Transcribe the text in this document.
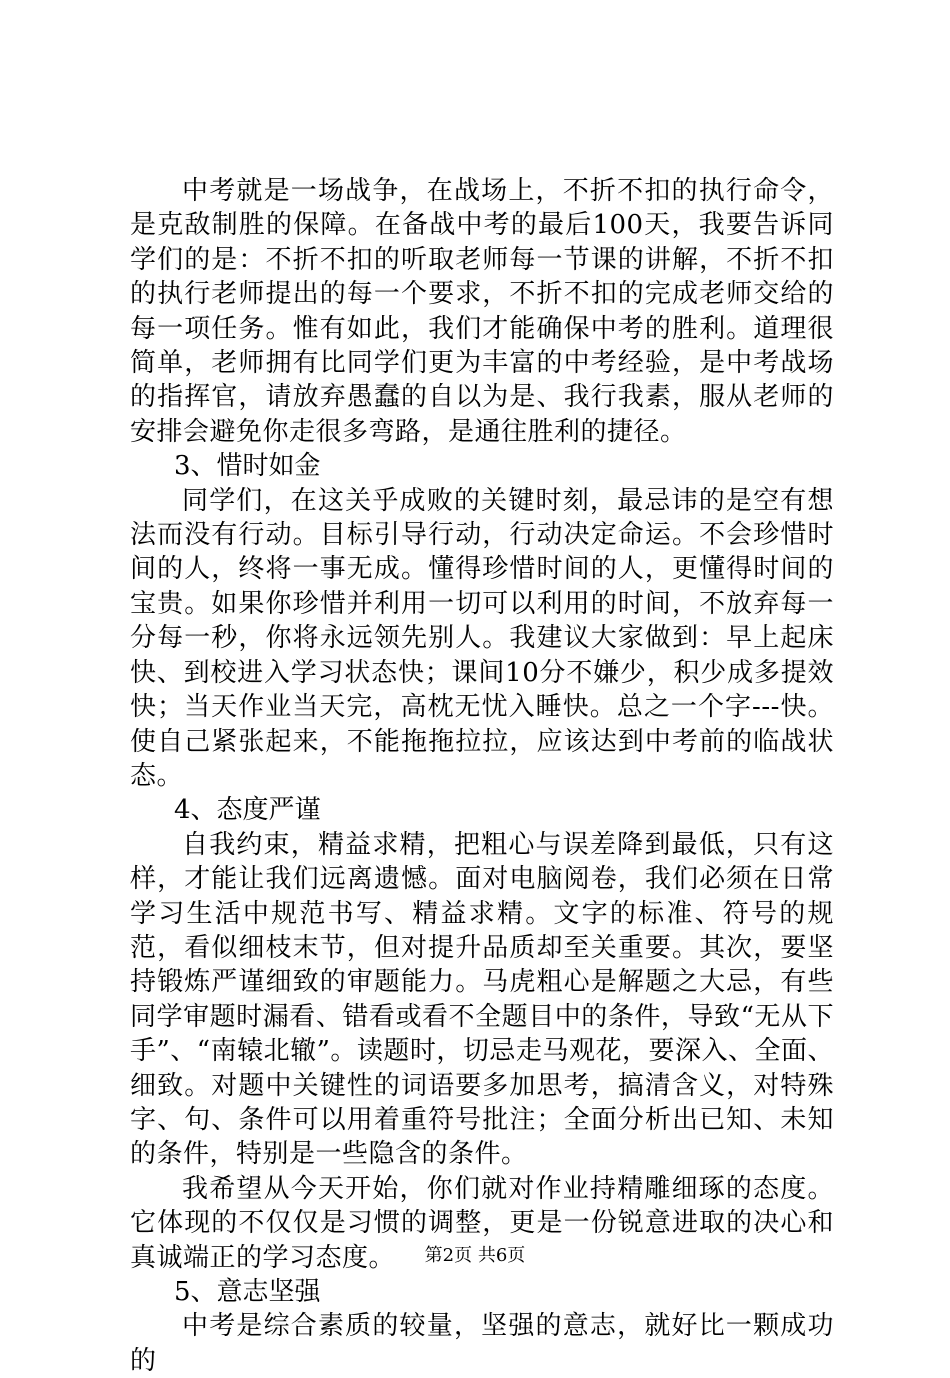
中考就是一场战争，在战场上，不折不扣的执行命令，是克敌制胜的保障。在备战中考的最后100天，我要告诉同学们的是：不折不扣的听取老师每一节课的讲解，不折不扣的执行老师提出的每一个要求，不折不扣的完成老师交给的每一项任务。惟有如此，我们才能确保中考的胜利。道理很简单，老师拥有比同学们更为丰富的中考经验，是中考战场的指挥官，请放弃愚蠢的自以为是、我行我素，服从老师的安排会避免你走很多弯路，是通往胜利的捷径。

3、惜时如金

同学们，在这关乎成败的关键时刻，最忌讳的是空有想法而没有行动。目标引导行动，行动决定命运。不会珍惜时间的人，终将一事无成。懂得珍惜时间的人，更懂得时间的宝贵。如果你珍惜并利用一切可以利用的时间，不放弃每一分每一秒，你将永远领先别人。我建议大家做到：早上起床快、到校进入学习状态快；课间10分不嫌少，积少成多提效快；当天作业当天完，高枕无忧入睡快。总之一个字---快。使自己紧张起来，不能拖拖拉拉，应该达到中考前的临战状态。

4、态度严谨

自我约束，精益求精，把粗心与误差降到最低，只有这样，才能让我们远离遗憾。面对电脑阅卷，我们必须在日常学习生活中规范书写、精益求精。文字的标准、符号的规范，看似细枝末节，但对提升品质却至关重要。其次，要坚持锻炼严谨细致的审题能力。马虎粗心是解题之大忌，有些同学审题时漏看、错看或看不全题目中的条件，导致“无从下手”、“南辕北辙”。读题时，切忌走马观花，要深入、全面、细致。对题中关键性的词语要多加思考，搞清含义，对特殊字、句、条件可以用着重符号批注；全面分析出已知、未知的条件，特别是一些隐含的条件。

我希望从今天开始，你们就对作业持精雕细琢的态度。它体现的不仅仅是习惯的调整，更是一份锐意进取的决心和真诚端正的学习态度。

5、意志坚强

中考是综合素质的较量，坚强的意志，就好比一颗成功的

第2页 共6页
